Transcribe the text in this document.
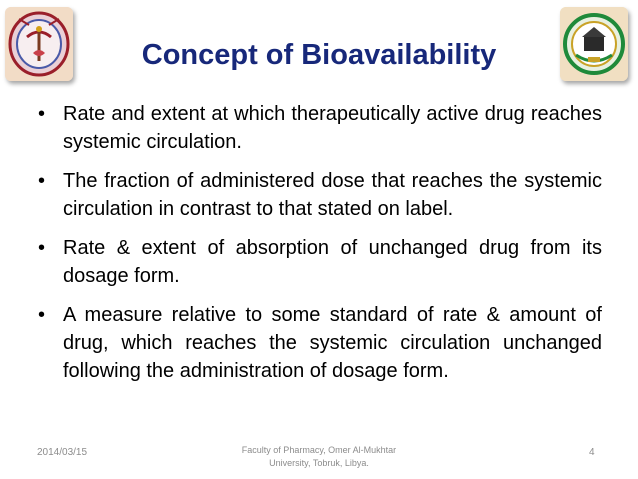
Concept of Bioavailability
• Rate and extent at which therapeutically active drug reaches systemic circulation.
• The fraction of administered dose that reaches the systemic circulation in contrast to that stated on label.
• Rate & extent of absorption of unchanged drug from its dosage form.
• A measure relative to some standard of rate & amount of drug, which reaches the systemic circulation unchanged following the administration of dosage form.
2014/03/15	Faculty of Pharmacy, Omer Al-Mukhtar
University, Tobruk, Libya.
4
